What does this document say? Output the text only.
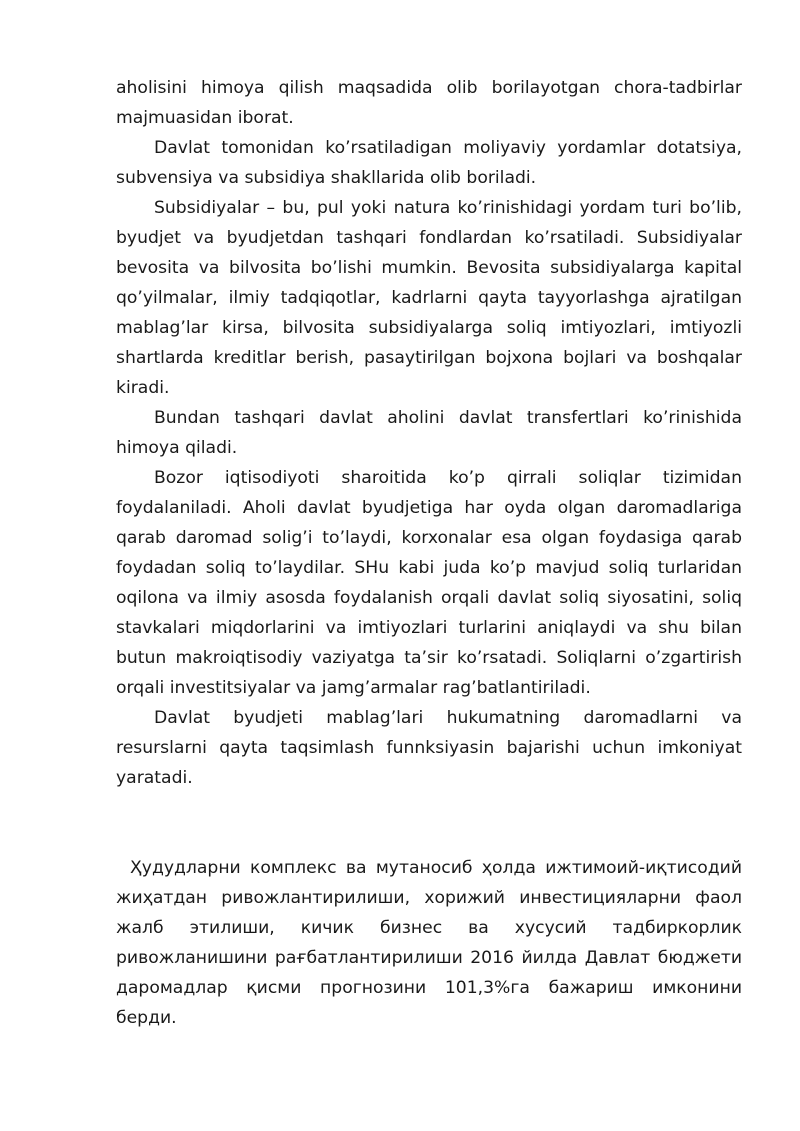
aholisini himoya qilish maqsadida olib borilayotgan chora-tadbirlar majmuasidan iborat.

Davlat tomonidan ko’rsatiladigan moliyaviy yordamlar dotatsiya, subvensiya va subsidiya shakllarida olib boriladi.

Subsidiyalar – bu, pul yoki natura ko’rinishidagi yordam turi bo’lib, byudjet va byudjetdan tashqari fondlardan ko’rsatiladi. Subsidiyalar bevosita va bilvosita bo’lishi mumkin. Bevosita subsidiyalarga kapital qo’yilmalar, ilmiy tadqiqotlar, kadrlarni qayta tayyorlashga ajratilgan mablag’lar kirsa, bilvosita subsidiyalarga soliq imtiyozlari, imtiyozli shartlarda kreditlar berish, pasaytirilgan bojxona bojlari va boshqalar kiradi.

Bundan tashqari davlat aholini davlat transfertlari ko’rinishida himoya qiladi.

Bozor iqtisodiyoti sharoitida ko’p qirrali soliqlar tizimidan foydalaniladi. Aholi davlat byudjetiga har oyda olgan daromadlariga qarab daromad solig’i to’laydi, korxonalar esa olgan foydasiga qarab foydadan soliq to’laydilar. SHu kabi juda ko’p mavjud soliq turlaridan oqilona va ilmiy asosda foydalanish orqali davlat soliq siyosatini, soliq stavkalari miqdorlarini va imtiyozlari turlarini aniqlaydi va shu bilan butun makroiqtisodiy vaziyatga ta’sir ko’rsatadi. Soliqlarni o’zgartirish orqali investitsiyalar va jamg’armalar rag’batlantiriladi.

Davlat byudjeti mablag’lari hukumatning daromadlarni va resurslarni qayta taqsimlash funnksiyasin bajarishi uchun imkoniyat yaratadi.

Ҳудудларни комплекс ва мутаносиб ҳолда ижтимоий-иқтисодий жиҳатдан ривожлантирилиши, хорижий инвестицияларни фаол жалб этилиши, кичик бизнес ва хусусий тадбиркорлик ривожланишини рағбатлантирилиши 2016 йилда Давлат бюджети даромадлар қисми прогнозини 101,3%га бажариш имконини берди.
